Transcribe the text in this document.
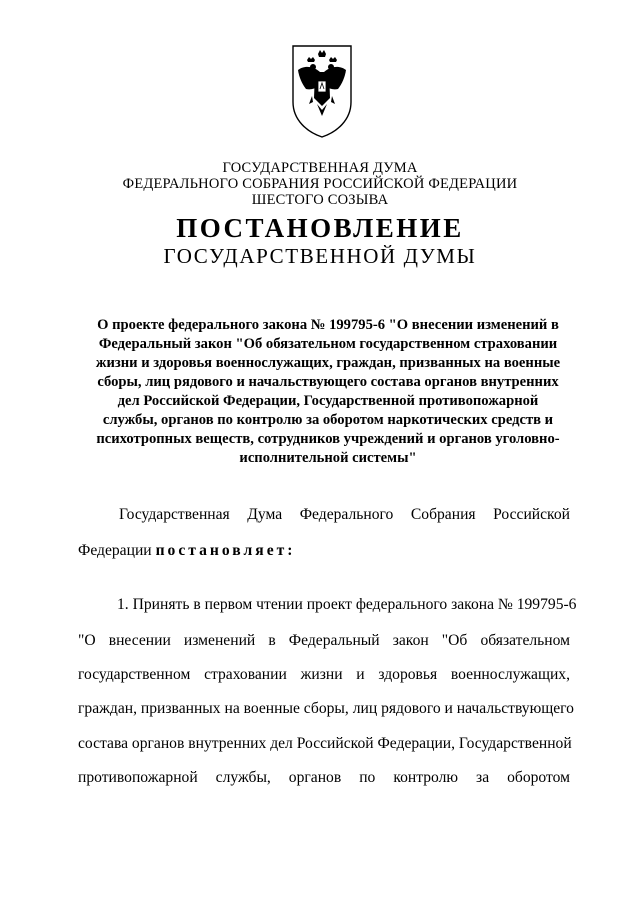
ГОСУДАРСТВЕННАЯ ДУМА
ФЕДЕРАЛЬНОГО СОБРАНИЯ РОССИЙСКОЙ ФЕДЕРАЦИИ
ШЕСТОГО СОЗЫВА
ПОСТАНОВЛЕНИЕ
ГОСУДАРСТВЕННОЙ ДУМЫ
О проекте федерального закона № 199795-6 "О внесении изменений в
Федеральный закон "Об обязательном государственном страховании
жизни и здоровья военнослужащих, граждан, призванных на военные
сборы, лиц рядового и начальствующего состава органов внутренних
дел Российской Федерации, Государственной противопожарной
службы, органов по контролю за оборотом наркотических средств и
психотропных веществ, сотрудников учреждений и органов уголовно-
исполнительной системы"
Государственная Дума Федерального Собрания Российской
Федерации постановляет:
1. Принять в первом чтении проект федерального закона № 199795-6
"О внесении изменений в Федеральный закон "Об обязательном
государственном страховании жизни и здоровья военнослужащих,
граждан, призванных на военные сборы, лиц рядового и начальствующего
состава органов внутренних дел Российской Федерации, Государственной
противопожарной службы, органов по контролю за оборотом
